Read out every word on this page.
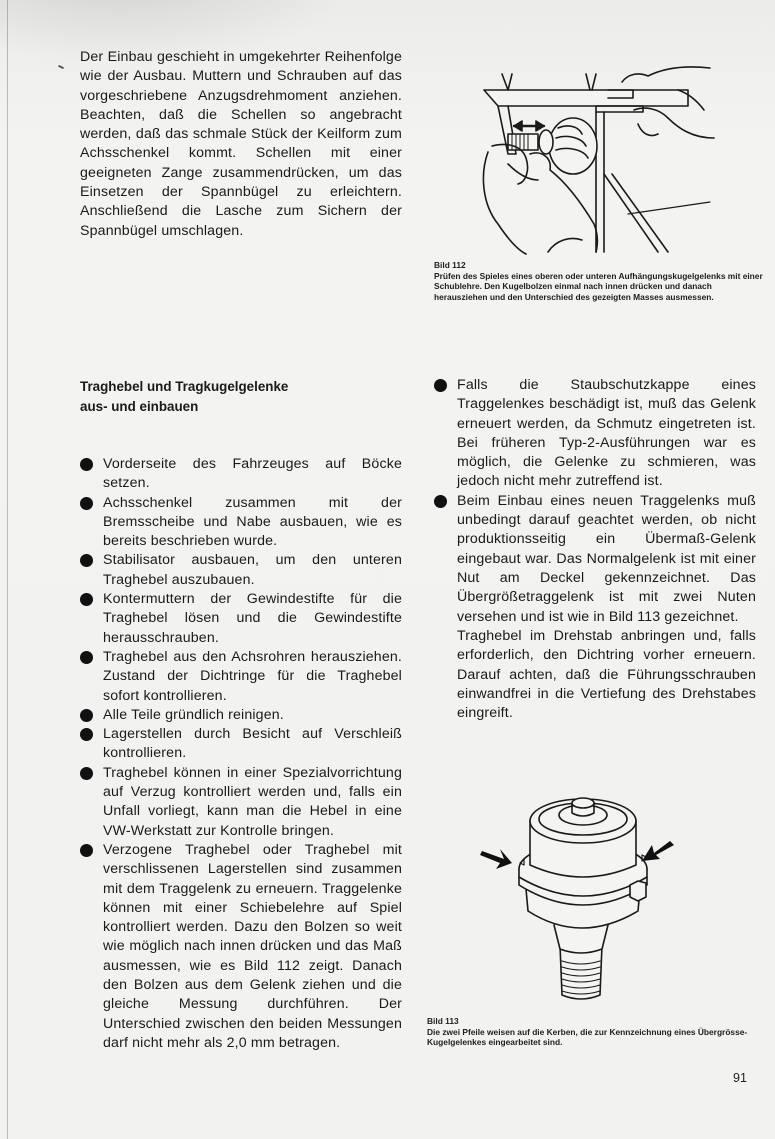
Der Einbau geschieht in umgekehrter Reihenfolge wie der Ausbau. Muttern und Schrauben auf das vorgeschriebene Anzugsdrehmoment anziehen. Beachten, daß die Schellen so angebracht werden, daß das schmale Stück der Keilform zum Achsschenkel kommt. Schellen mit einer geeigneten Zange zusammendrücken, um das Einsetzen der Spannbügel zu erleichtern. Anschließend die Lasche zum Sichern der Spannbügel umschlagen.

Bild 112
Prüfen des Spieles eines oberen oder unteren Aufhängungskugelgelenks mit einer Schublehre. Den Kugelbolzen einmal nach innen drücken und danach herausziehen und den Unterschied des gezeigten Masses ausmessen.
Traghebel und Tragkugelgelenke
aus- und einbauen
Vorderseite des Fahrzeuges auf Böcke setzen.
Achsschenkel zusammen mit der Bremsscheibe und Nabe ausbauen, wie es bereits beschrieben wurde.
Stabilisator ausbauen, um den unteren Traghebel auszubauen.
Kontermuttern der Gewindestifte für die Traghebel lösen und die Gewindestifte herausschrauben.
Traghebel aus den Achsrohren herausziehen. Zustand der Dichtringe für die Traghebel sofort kontrollieren.
Alle Teile gründlich reinigen.
Lagerstellen durch Besicht auf Verschleiß kontrollieren.
Traghebel können in einer Spezialvorrichtung auf Verzug kontrolliert werden und, falls ein Unfall vorliegt, kann man die Hebel in eine VW-Werkstatt zur Kontrolle bringen.
Verzogene Traghebel oder Traghebel mit verschlissenen Lagerstellen sind zusammen mit dem Traggelenk zu erneuern. Traggelenke können mit einer Schiebelehre auf Spiel kontrolliert werden. Dazu den Bolzen so weit wie möglich nach innen drücken und das Maß ausmessen, wie es Bild 112 zeigt. Danach den Bolzen aus dem Gelenk ziehen und die gleiche Messung durchführen. Der Unterschied zwischen den beiden Messungen darf nicht mehr als 2,0 mm betragen.
Falls die Staubschutzkappe eines Traggelenkes beschädigt ist, muß das Gelenk erneuert werden, da Schmutz eingetreten ist. Bei früheren Typ-2-Ausführungen war es möglich, die Gelenke zu schmieren, was jedoch nicht mehr zutreffend ist.
Beim Einbau eines neuen Traggelenks muß unbedingt darauf geachtet werden, ob nicht produktionsseitig ein Übermaß-Gelenk eingebaut war. Das Normalgelenk ist mit einer Nut am Deckel gekennzeichnet. Das Übergrößetraggelenk ist mit zwei Nuten versehen und ist wie in Bild 113 gezeichnet.

Traghebel im Drehstab anbringen und, falls erforderlich, den Dichtring vorher erneuern. Darauf achten, daß die Führungsschrauben einwandfrei in die Vertiefung des Drehstabes eingreift.

Bild 113
Die zwei Pfeile weisen auf die Kerben, die zur Kennzeichnung eines Übergrösse-Kugelgelenkes eingearbeitet sind.
91
